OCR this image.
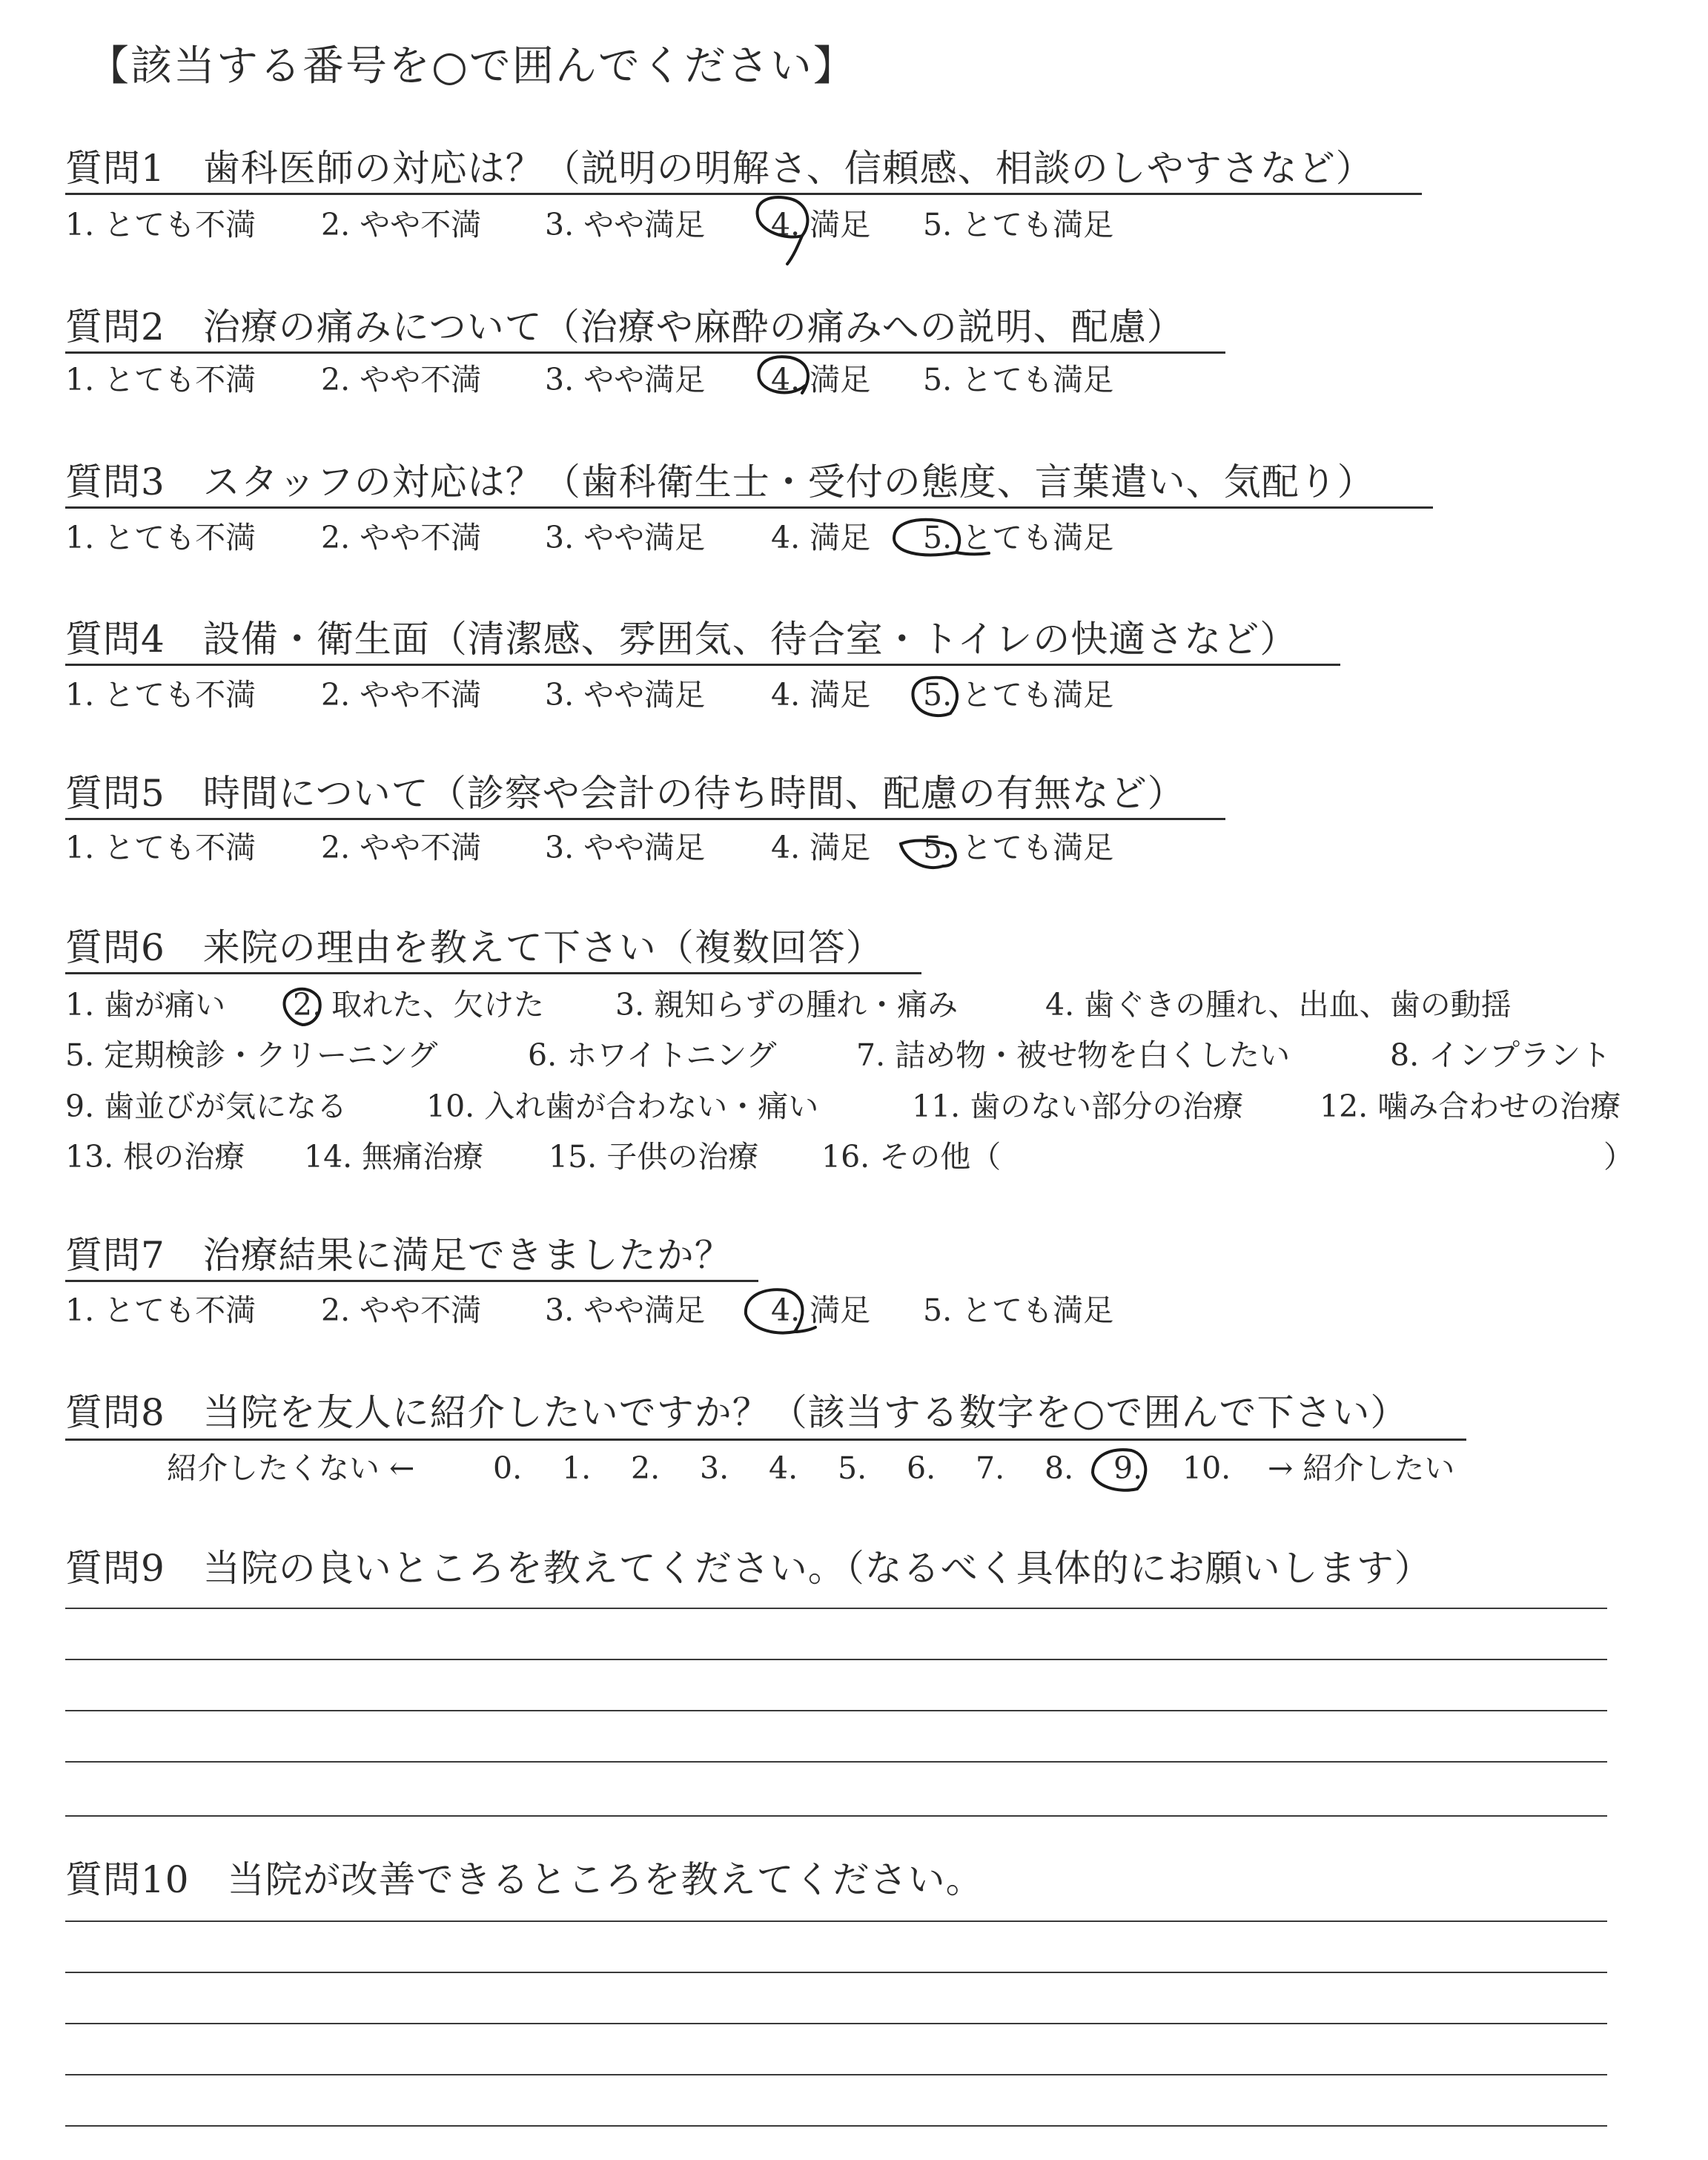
【該当する番号を○で囲んでください】
質問1　歯科医師の対応は？（説明の明解さ、信頼感、相談のしやすさなど）
1. とても不満 2. やや不満 3. やや満足 4. 満足 5. とても満足
質問2　治療の痛みについて（治療や麻酔の痛みへの説明、配慮）
1. とても不満 2. やや不満 3. やや満足 4. 満足 5. とても満足
質問3　スタッフの対応は？（歯科衛生士・受付の態度、言葉遣い、気配り）
1. とても不満 2. やや不満 3. やや満足 4. 満足 5. とても満足
質問4　設備・衛生面（清潔感、雰囲気、待合室・トイレの快適さなど）
1. とても不満 2. やや不満 3. やや満足 4. 満足 5. とても満足
質問5　時間について（診察や会計の待ち時間、配慮の有無など）
1. とても不満 2. やや不満 3. やや満足 4. 満足 5. とても満足
質問6　来院の理由を教えて下さい（複数回答）
1. 歯が痛い 2. 取れた、欠けた 3. 親知らずの腫れ・痛み	4. 歯ぐきの腫れ、出血、歯の動揺
5. 定期検診・クリーニング	6. ホワイトニング	7. 詰め物・被せ物を白くしたい	8. インプラント
9. 歯並びが気になる	10. 入れ歯が合わない・痛い	11. 歯のない部分の治療	12. 噛み合わせの治療
13. 根の治療 14. 無痛治療 15. 子供の治療 16. その他（	）
質問7　治療結果に満足できましたか？
1. とても不満 2. やや不満 3. やや満足 4. 満足 5. とても満足
質問8　当院を友人に紹介したいですか？（該当する数字を○で囲んで下さい）
紹介したくない ←	0. 1. 2. 3. 4. 5. 6. 7. 8. 9. 10. → 紹介したい
質問9　当院の良いところを教えてください。（なるべく具体的にお願いします）
質問10　当院が改善できるところを教えてください。
